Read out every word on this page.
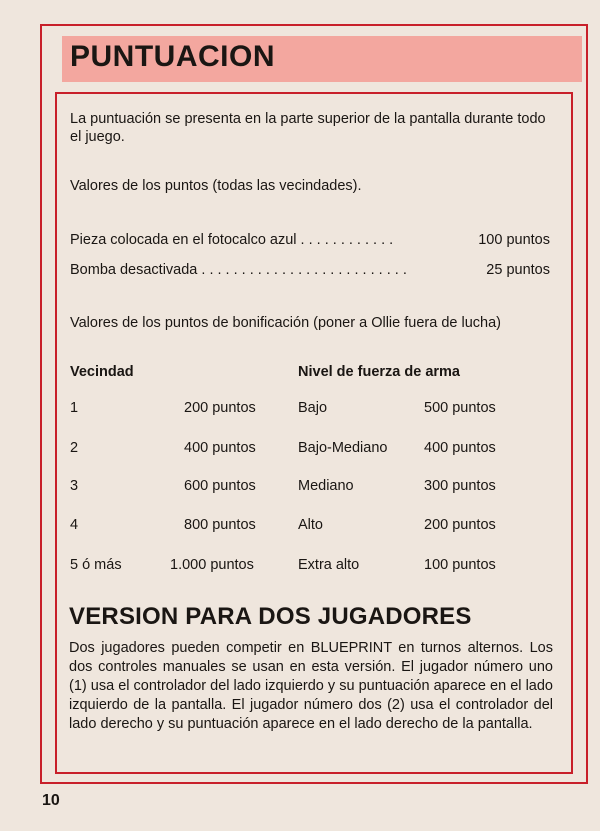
PUNTUACION

La puntuación se presenta en la parte superior de la pantalla durante todo el juego.

Valores de los puntos (todas las vecindades).

Pieza colocada en el fotocalco azul . . . . . . . . . . . .	100 puntos
Bomba desactivada . . . . . . . . . . . . . . . . . . . . . . . . . .	25 puntos

Valores de los puntos de bonificación (poner a Ollie fuera de lucha)

Vecindad	Nivel de fuerza de arma
1	200 puntos	Bajo	500 puntos
2	400 puntos	Bajo-Mediano	400 puntos
3	600 puntos	Mediano	300 puntos
4	800 puntos	Alto	200 puntos
5 ó más	1.000 puntos	Extra alto	100 puntos
VERSION PARA DOS JUGADORES

Dos jugadores pueden competir en BLUEPRINT en turnos alternos. Los dos controles manuales se usan en esta versión. El jugador número uno (1) usa el controlador del lado izquierdo y su puntuación aparece en el lado izquierdo de la pantalla. El jugador número dos (2) usa el controlador del lado derecho y su puntuación aparece en el lado derecho de la pantalla.

10
